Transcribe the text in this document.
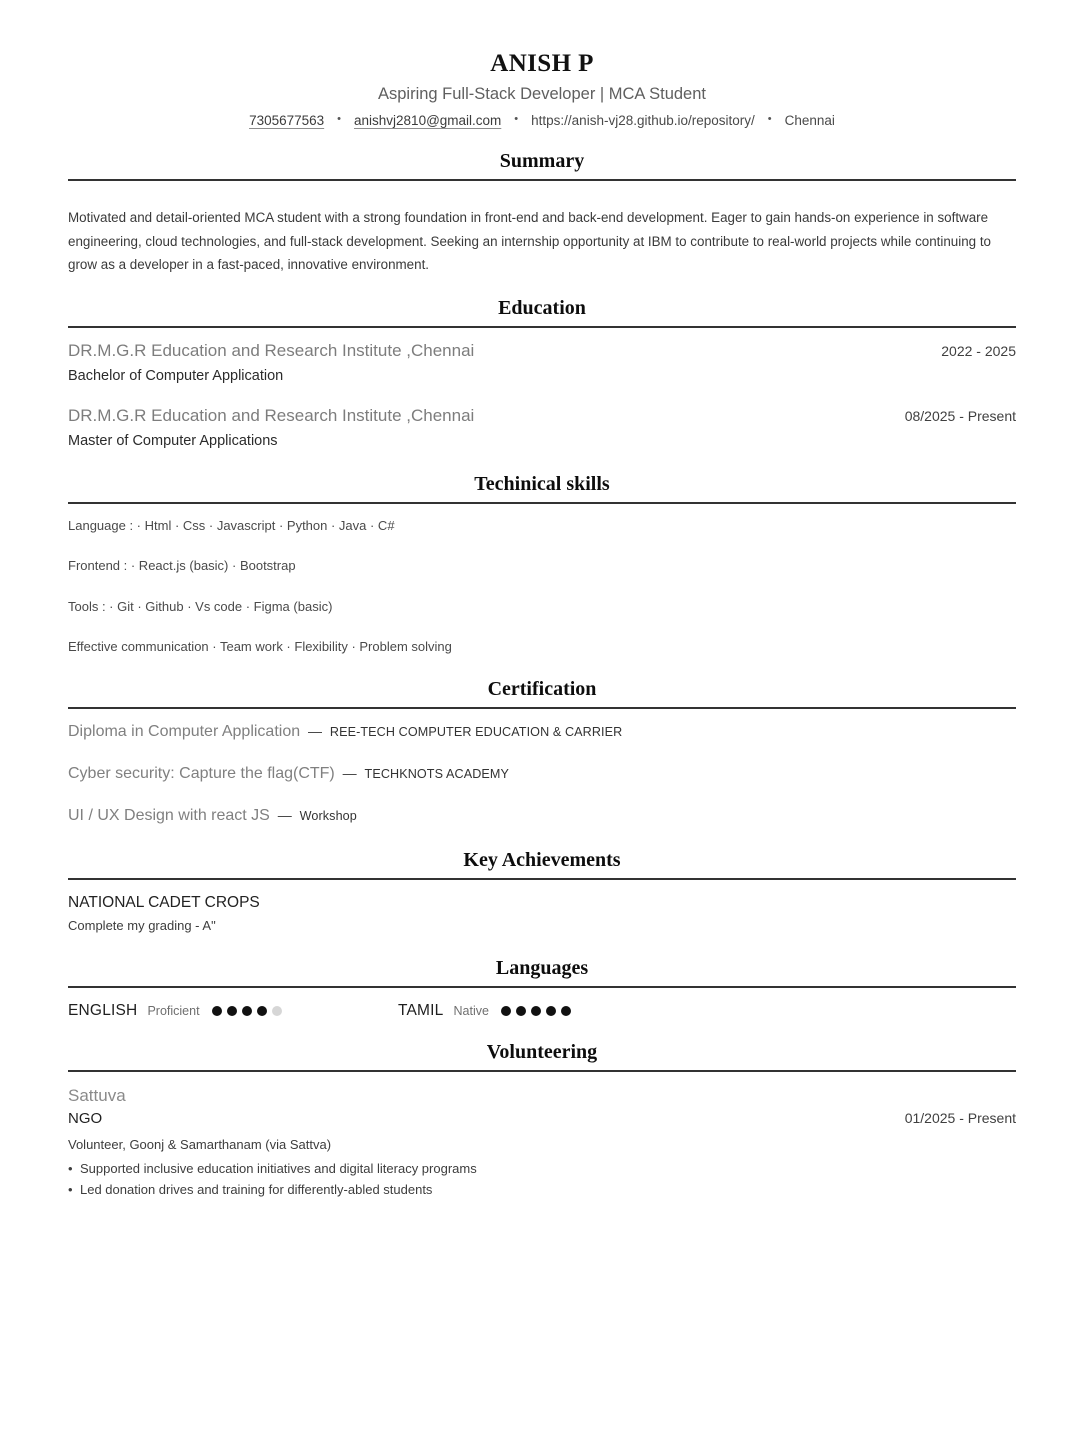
ANISH P
Aspiring Full-Stack Developer | MCA Student
7305677563	• anishvj2810@gmail.com	• https://anish-vj28.github.io/repository/	• Chennai
Summary

Motivated and detail-oriented MCA student with a strong foundation in front-end and back-end development. Eager to gain hands-on experience in software engineering, cloud technologies, and full-stack development. Seeking an internship opportunity at IBM to contribute to real-world projects while continuing to grow as a developer in a fast-paced, innovative environment.

Education
DR.M.G.R Education and Research Institute ,Chennai	2022 - 2025
Bachelor of Computer Application
DR.M.G.R Education and Research Institute ,Chennai	08/2025 - Present
Master of Computer Applications
Techinical skills
Language : · Html · Css · Javascript · Python · Java · C#
Frontend : · React.js (basic) · Bootstrap
Tools : · Git · Github · Vs code · Figma (basic)
Effective communication · Team work · Flexibility · Problem solving
Certification
Diploma in Computer Application — REE-TECH COMPUTER EDUCATION & CARRIER
Cyber security: Capture the flag(CTF) — TECHKNOTS ACADEMY
UI / UX Design with react JS — Workshop
Key Achievements
NATIONAL CADET CROPS
Complete my grading - A"
Languages
ENGLISH Proficient	TAMIL Native
Volunteering
Sattuva
NGO	01/2025 - Present
Volunteer, Goonj & Samarthanam (via Sattva)
• Supported inclusive education initiatives and digital literacy programs
• Led donation drives and training for differently-abled students
